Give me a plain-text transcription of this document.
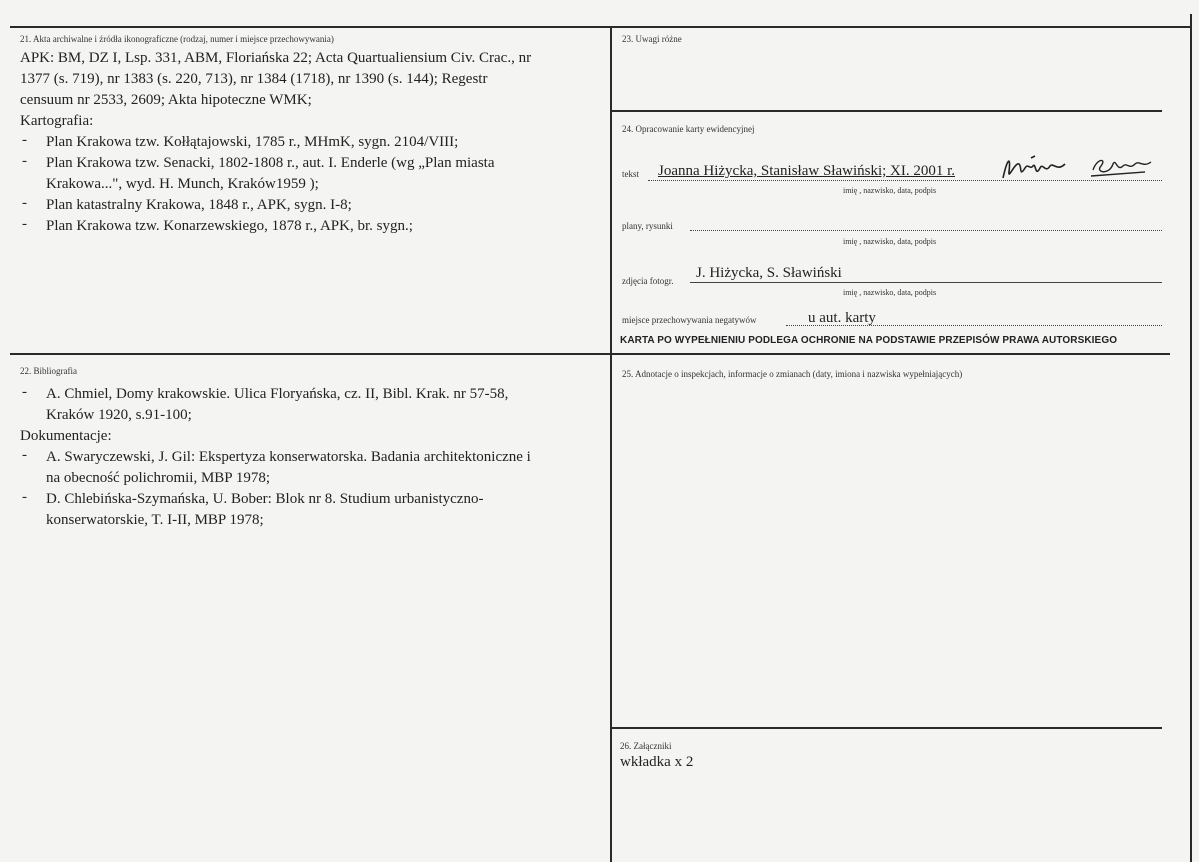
21. Akta archiwalne i źródła ikonograficzne (rodzaj, numer i miejsce przechowywania)
APK: BM, DZ I, Lsp. 331, ABM, Floriańska 22; Acta Quartualiensium Civ. Crac., nr
1377 (s. 719), nr 1383 (s. 220, 713), nr 1384 (1718), nr 1390 (s. 144); Regestr
censuum nr 2533, 2609; Akta hipoteczne WMK;
Kartografia:
- Plan Krakowa tzw. Kołłątajowski, 1785 r., MHmK, sygn. 2104/VIII;
- Plan Krakowa tzw. Senacki, 1802-1808 r., aut. I. Enderle (wg „Plan miasta
Krakowa...", wyd. H. Munch, Kraków1959 );
- Plan katastralny Krakowa, 1848 r., APK, sygn. I-8;
- Plan Krakowa tzw. Konarzewskiego, 1878 r., APK, br. sygn.;
22. Bibliografia
- A. Chmiel, Domy krakowskie. Ulica Floryańska, cz. II, Bibl. Krak. nr 57-58,
Kraków 1920, s.91-100;
Dokumentacje:
- A. Swaryczewski, J. Gil: Ekspertyza konserwatorska. Badania architektoniczne i
na obecność polichromii, MBP 1978;
- D. Chlebińska-Szymańska, U. Bober: Blok nr 8. Studium urbanistyczno-
konserwatorskie, T. I-II, MBP 1978;
23. Uwagi różne
24. Opracowanie karty ewidencyjnej
tekst Joanna Hiżycka, Stanisław Sławiński; XI. 2001 r.
imię , nazwisko, data, podpis
plany, rysunki
imię , nazwisko, data, podpis
zdjęcia fotogr. J. Hiżycka, S. Sławiński
imię , nazwisko, data, podpis
miejsce przechowywania negatywów	u aut. karty
KARTA PO WYPEŁNIENIU PODLEGA OCHRONIE NA PODSTAWIE PRZEPISÓW PRAWA AUTORSKIEGO
25. Adnotacje o inspekcjach, informacje o zmianach (daty, imiona i nazwiska wypełniających)
26. Załączniki
wkładka x 2
